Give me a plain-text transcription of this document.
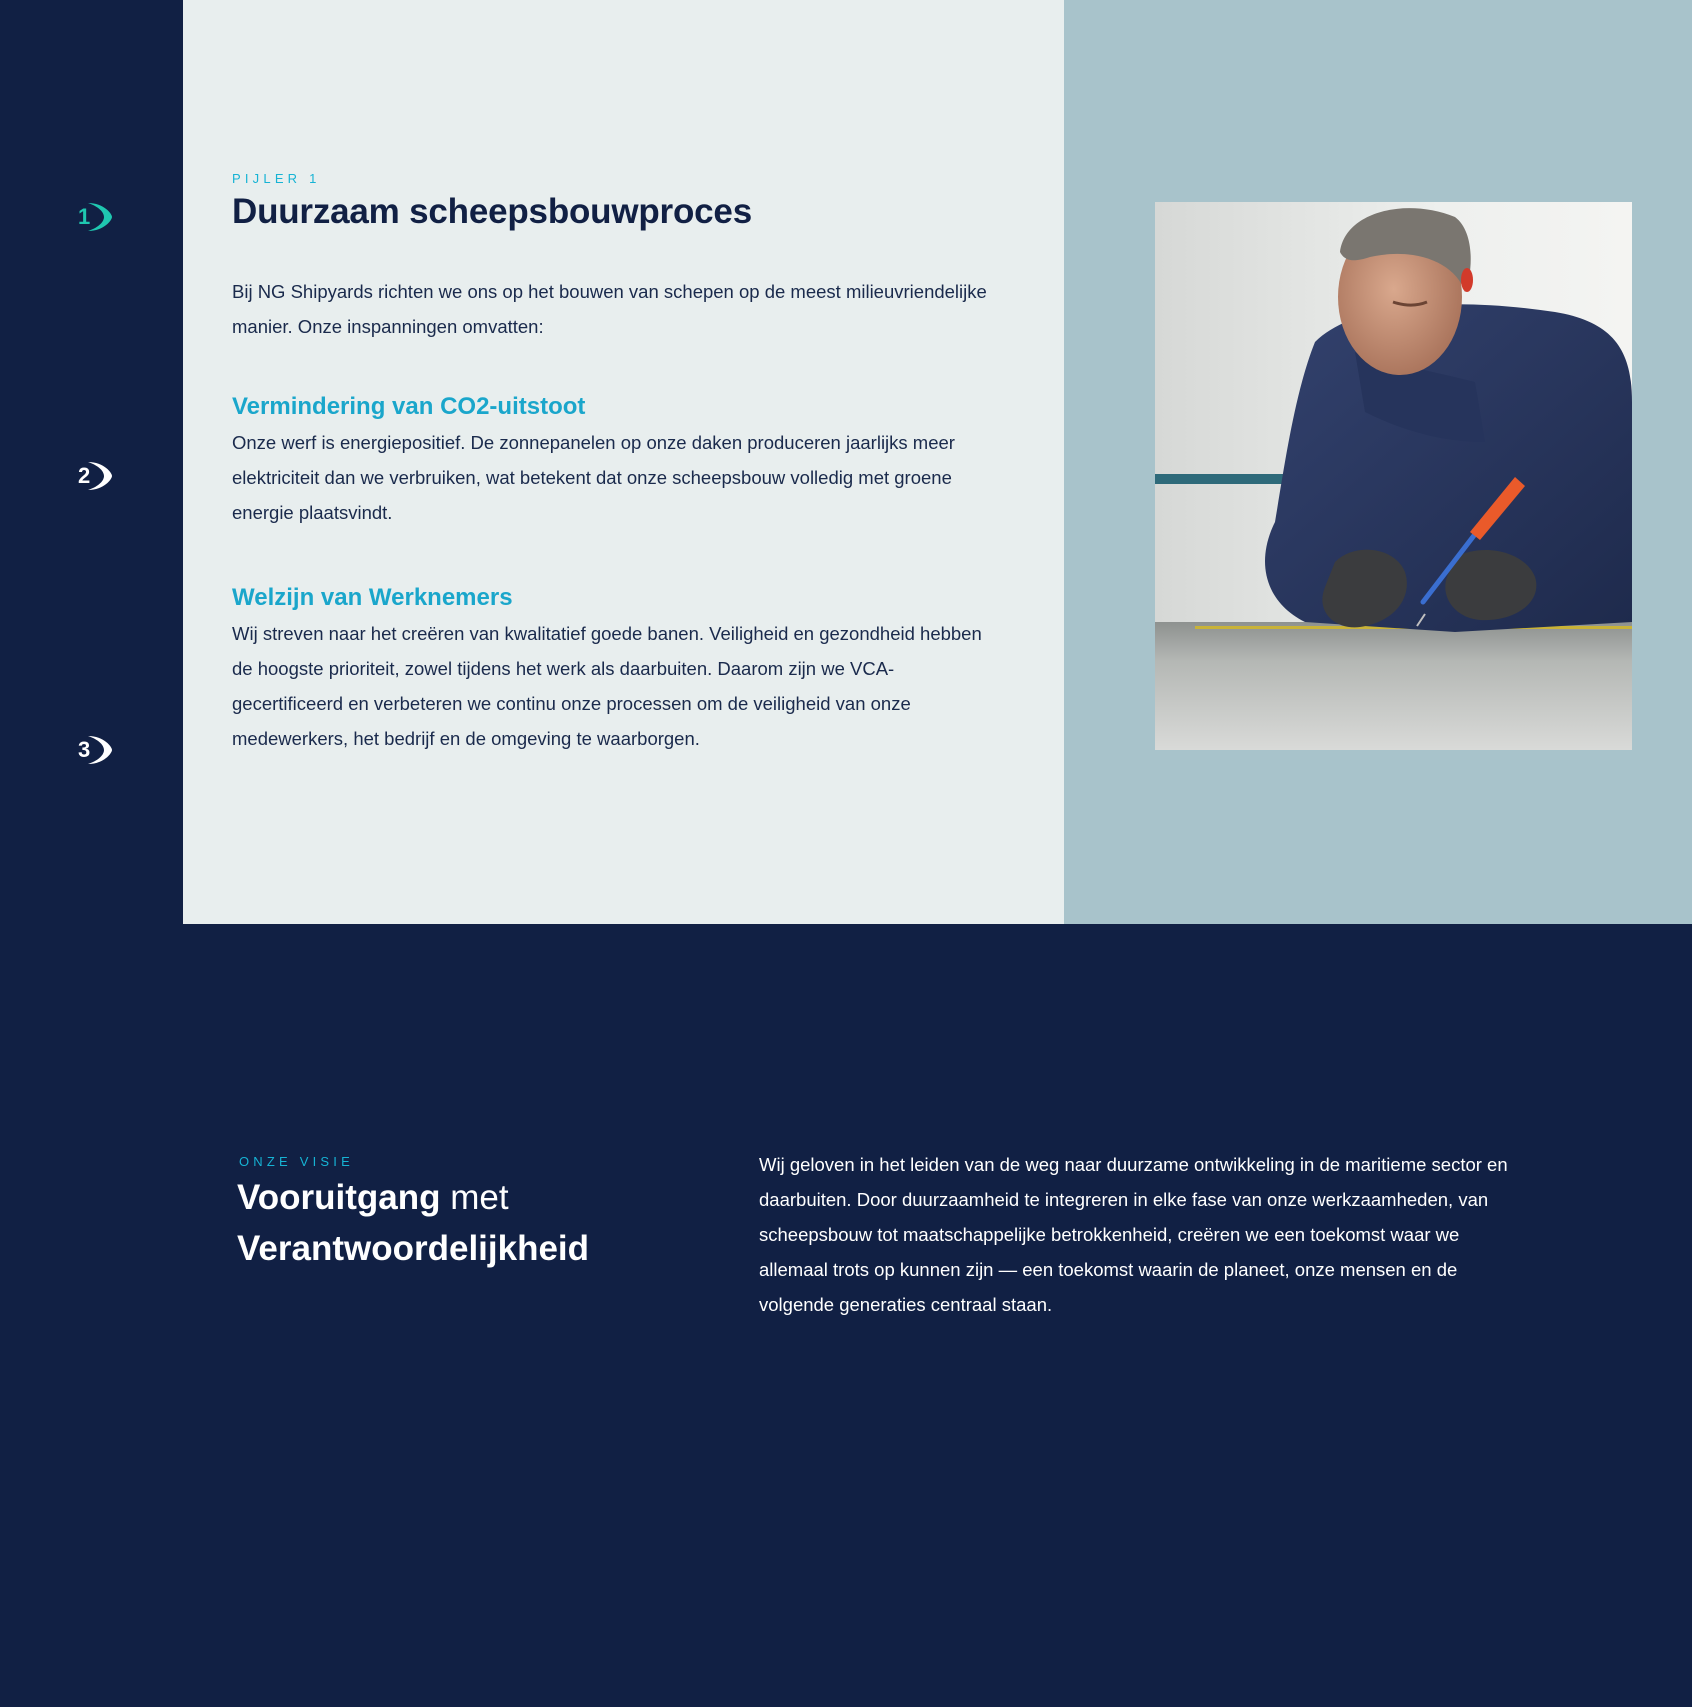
1
2
3
PIJLER 1
Duurzaam scheepsbouwproces

Bij NG Shipyards richten we ons op het bouwen van schepen op de meest milieuvriendelijke manier. Onze inspanningen omvatten:

Vermindering van CO2-uitstoot

Onze werf is energiepositief. De zonnepanelen op onze daken produceren jaarlijks meer elektriciteit dan we verbruiken, wat betekent dat onze scheepsbouw volledig met groene energie plaatsvindt.

Welzijn van Werknemers

Wij streven naar het creëren van kwalitatief goede banen. Veiligheid en gezondheid hebben de hoogste prioriteit, zowel tijdens het werk als daarbuiten. Daarom zijn we VCA-gecertificeerd en verbeteren we continu onze processen om de veiligheid van onze medewerkers, het bedrijf en de omgeving te waarborgen.

ONZE VISIE
Vooruitgang met
Verantwoordelijkheid

Wij geloven in het leiden van de weg naar duurzame ontwikkeling in de maritieme sector en daarbuiten. Door duurzaamheid te integreren in elke fase van onze werkzaamheden, van scheepsbouw tot maatschappelijke betrokkenheid, creëren we een toekomst waar we allemaal trots op kunnen zijn — een toekomst waarin de planeet, onze mensen en de volgende generaties centraal staan.
